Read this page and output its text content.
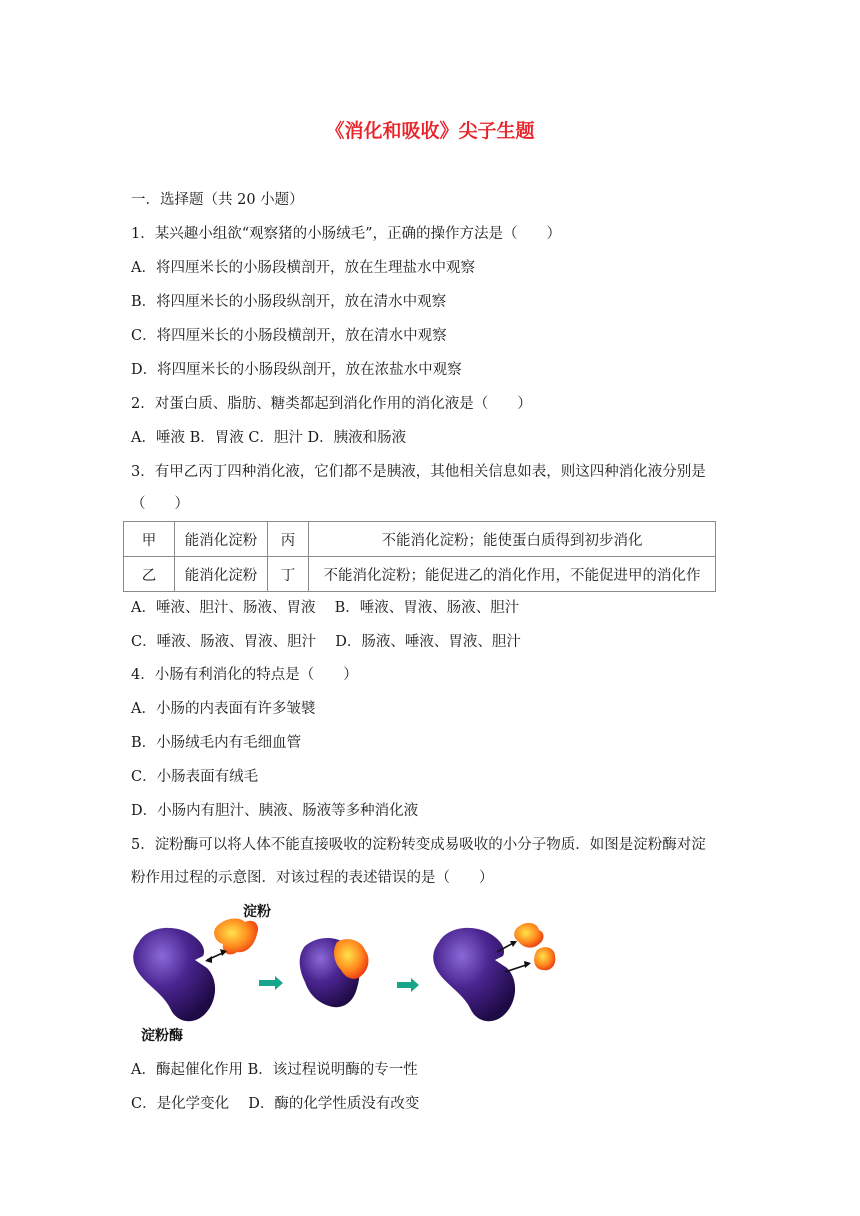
《消化和吸收》尖子生题
一．选择题（共 20 小题）
1．某兴趣小组欲“观察猪的小肠绒毛”，正确的操作方法是（　　）
A．将四厘米长的小肠段横剖开，放在生理盐水中观察
B．将四厘米长的小肠段纵剖开，放在清水中观察
C．将四厘米长的小肠段横剖开，放在清水中观察
D．将四厘米长的小肠段纵剖开，放在浓盐水中观察
2．对蛋白质、脂肪、糖类都起到消化作用的消化液是（　　）
A．唾液 B．胃液 C．胆汁 D．胰液和肠液
3．有甲乙丙丁四种消化液，它们都不是胰液，其他相关信息如表，则这四种消化液分别是
（　　）
甲	能消化淀粉	丙	不能消化淀粉；能使蛋白质得到初步消化
乙	能消化淀粉	丁	不能消化淀粉；能促进乙的消化作用，不能促进甲的消化作
A．唾液、胆汁、肠液、胃液　 B．唾液、胃液、肠液、胆汁
C．唾液、肠液、胃液、胆汁　 D．肠液、唾液、胃液、胆汁
4．小肠有利消化的特点是（　　）
A．小肠的内表面有许多皱襞
B．小肠绒毛内有毛细血管
C．小肠表面有绒毛
D．小肠内有胆汁、胰液、肠液等多种消化液
5．淀粉酶可以将人体不能直接吸收的淀粉转变成易吸收的小分子物质．如图是淀粉酶对淀
粉作用过程的示意图．对该过程的表述错误的是（　　）
淀粉
淀粉酶
A．酶起催化作用 B．该过程说明酶的专一性
C．是化学变化　 D．酶的化学性质没有改变
